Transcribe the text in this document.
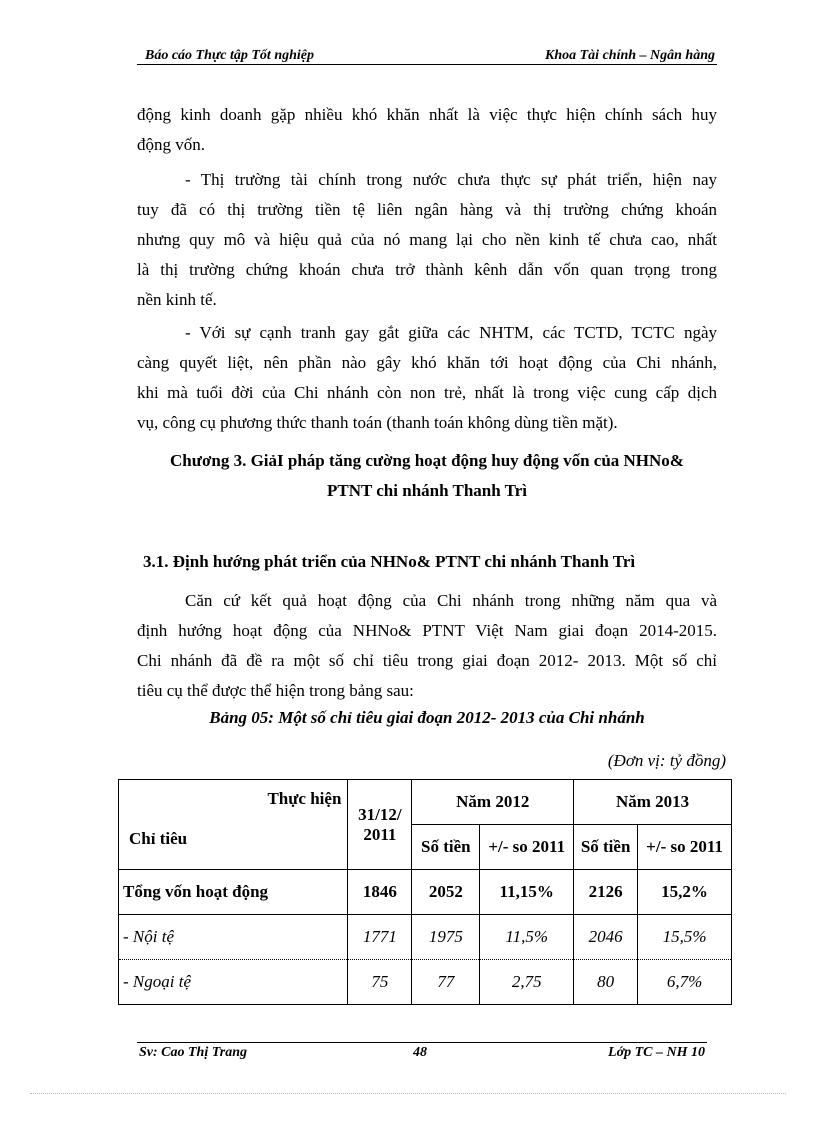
Báo cáo Thực tập Tốt nghiệp	Khoa Tài chính – Ngân hàng
động kinh doanh gặp nhiều khó khăn nhất là việc thực hiện chính sách huy
động vốn.
- Thị trường tài chính trong nước chưa thực sự phát triển, hiện nay
tuy đã có thị trường tiền tệ liên ngân hàng và thị trường chứng khoán
nhưng quy mô và hiệu quả của nó mang lại cho nền kinh tế chưa cao, nhất
là thị trường chứng khoán chưa trở thành kênh dẫn vốn quan trọng trong
nền kinh tế.
- Với sự cạnh tranh gay gắt giữa các NHTM, các TCTD, TCTC ngày
càng quyết liệt, nên phần nào gây khó khăn tới hoạt động của Chi nhánh,
khi mà tuổi đời của Chi nhánh còn non trẻ, nhất là trong việc cung cấp dịch
vụ, công cụ phương thức thanh toán (thanh toán không dùng tiền mặt).
Chương 3. GiảI pháp tăng cường hoạt động huy động vốn của NHNo&
PTNT chi nhánh Thanh Trì
3.1. Định hướng phát triển của NHNo& PTNT chi nhánh Thanh Trì
Căn cứ kết quả hoạt động của Chi nhánh trong những năm qua và
định hướng hoạt động của NHNo& PTNT Việt Nam giai đoạn 2014-2015.
Chi nhánh đã đề ra một số chỉ tiêu trong giai đoạn 2012- 2013. Một số chỉ
tiêu cụ thể được thể hiện trong bảng sau:
Bảng 05: Một số chỉ tiêu giai đoạn 2012- 2013 của Chi nhánh
(Đơn vị: tỷ đồng)
Thực hiện
Chỉ tiêu	31/12/ 2011	Năm 2012		Năm 2013	
		Số tiền	+/- so 2011	Số tiền	+/- so 2011
Tổng vốn hoạt động	1846	2052	11,15%	2126	15,2%
- Nội tệ	1771	1975	11,5%	2046	15,5%
- Ngoại tệ	75	77	2,75	80	6,7%
Sv: Cao Thị Trang	48	Lớp TC – NH 10
